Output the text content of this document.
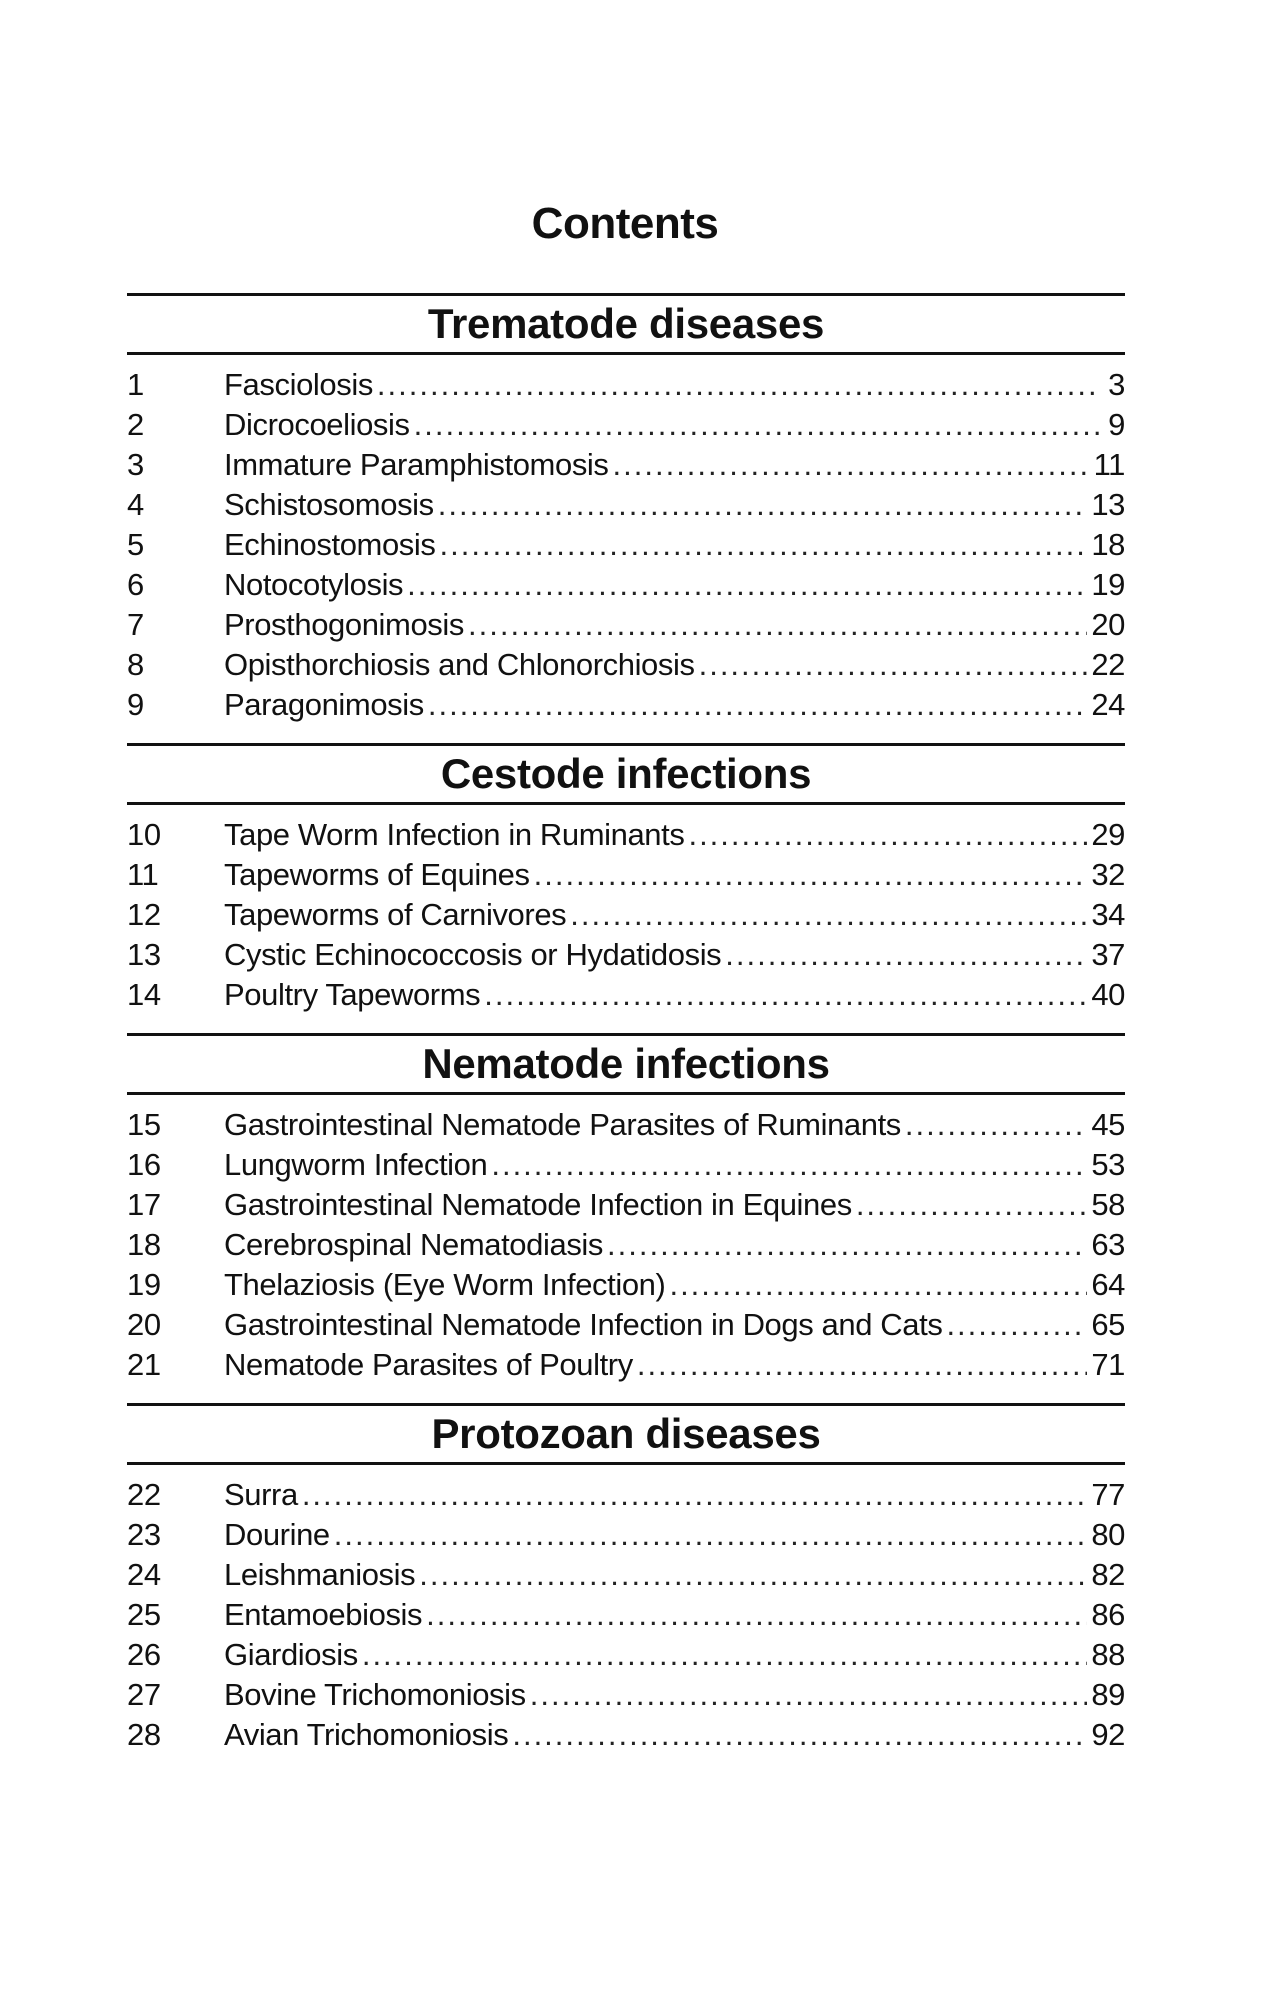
Contents
Trematode diseases
1	Fasciolosis .....	3
2	Dicrocoeliosis .....	9
3	Immature Paramphistomosis .....	11
4	Schistosomosis .....	13
5	Echinostomosis .....	18
6	Notocotylosis .....	19
7	Prosthogonimosis .....	20
8	Opisthorchiosis and Chlonorchiosis .....	22
9	Paragonimosis .....	24
Cestode infections
10	Tape Worm Infection in Ruminants .....	29
11	Tapeworms of Equines .....	32
12	Tapeworms of Carnivores .....	34
13	Cystic Echinococcosis or Hydatidosis .....	37
14	Poultry Tapeworms .....	40
Nematode infections
15	Gastrointestinal Nematode Parasites of Ruminants .....	45
16	Lungworm Infection .....	53
17	Gastrointestinal Nematode Infection in Equines .....	58
18	Cerebrospinal Nematodiasis .....	63
19	Thelaziosis (Eye Worm Infection) .....	64
20	Gastrointestinal Nematode Infection in Dogs and Cats .....	65
21	Nematode Parasites of Poultry .....	71
Protozoan diseases
22	Surra .....	77
23	Dourine .....	80
24	Leishmaniosis .....	82
25	Entamoebiosis .....	86
26	Giardiosis .....	88
27	Bovine Trichomoniosis .....	89
28	Avian Trichomoniosis .....	92
